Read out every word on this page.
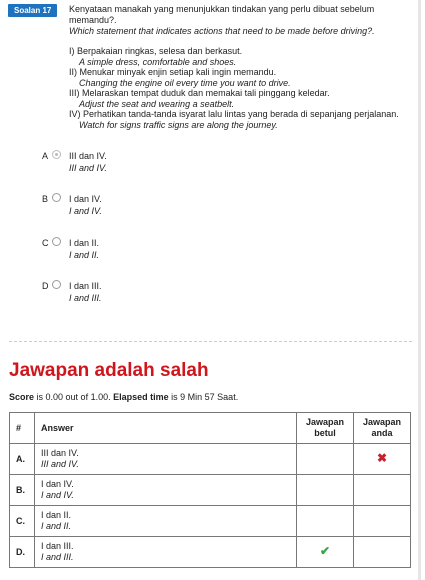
Soalan 17	Kenyataan manakah yang menunjukkan tindakan yang perlu dibuat sebelum memandu?.
Which statement that indicates actions that need to be made before driving?.

I) Berpakaian ringkas, selesa dan berkasut.

A simple dress, comfortable and shoes.

II) Menukar minyak enjin setiap kali ingin memandu.

Changing the engine oil every time you want to drive.

III) Melaraskan tempat duduk dan memakai tali pinggang keledar.

Adjust the seat and wearing a seatbelt.

IV) Perhatikan tanda-tanda isyarat lalu lintas yang berada di sepanjang perjalanan.

Watch for signs traffic signs are along the journey.

A	III dan IV.
III and IV.
B	I dan IV.
I and IV.
C	I dan II.
I and II.
D	I dan III.
I and III.
Jawapan adalah salah
Score is 0.00 out of 1.00. Elapsed time is 9 Min 57 Saat.
#	Answer	Jawapan betul	Jawapan anda
A.	III dan IV.
III and IV.		✖
B.	I dan IV.
I and IV.		
C.	I dan II.
I and II.		
D.	I dan III.
I and III.	✔	
